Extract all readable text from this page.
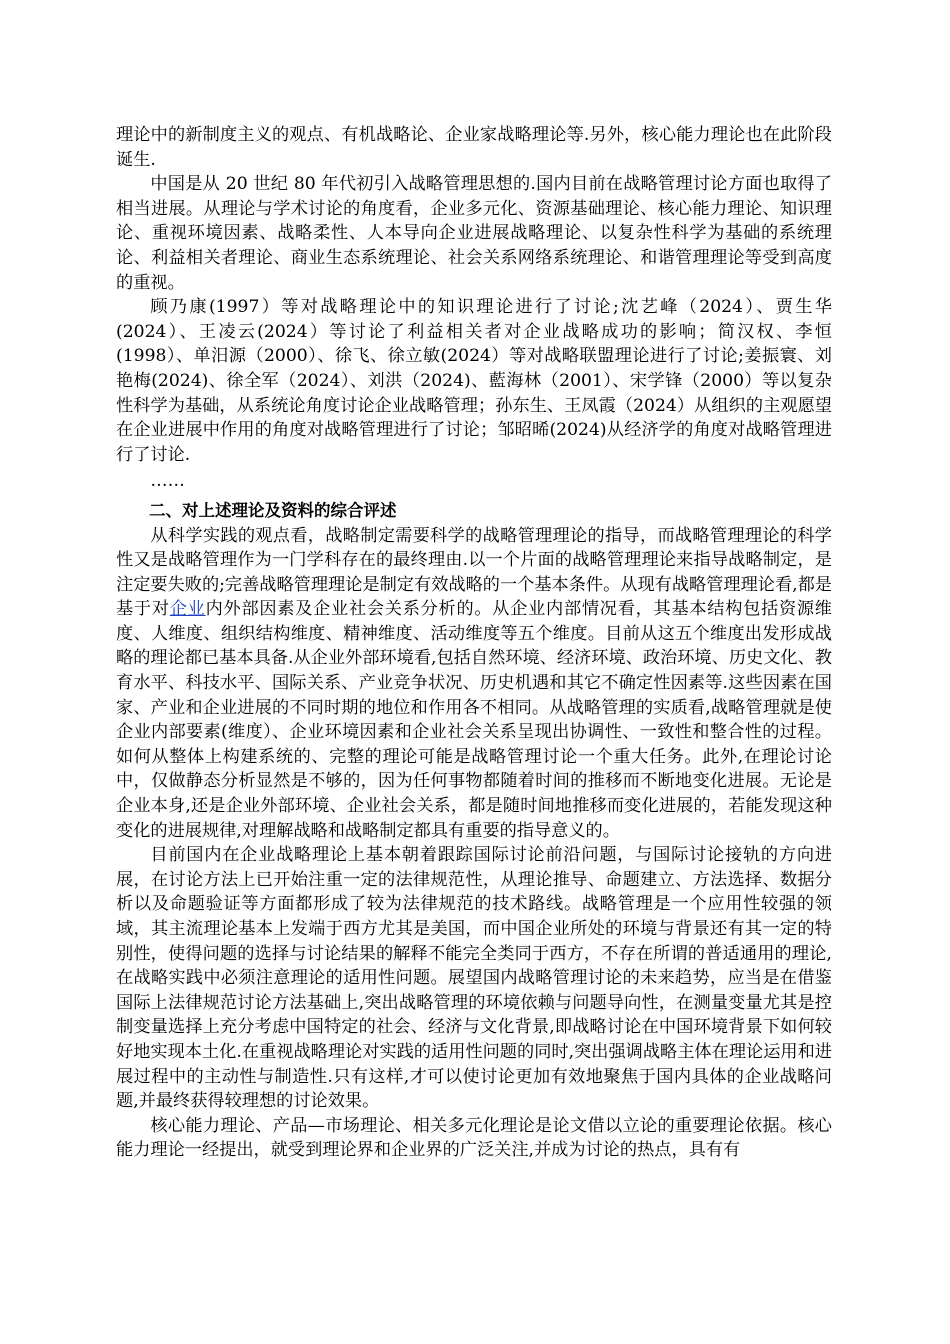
理论中的新制度主义的观点、有机战略论、企业家战略理论等.另外，核心能力理论也在此阶段诞生.

中国是从 20 世纪 80 年代初引入战略管理思想的.国内目前在战略管理讨论方面也取得了相当进展。从理论与学术讨论的角度看，企业多元化、资源基础理论、核心能力理论、知识理论、重视环境因素、战略柔性、人本导向企业进展战略理论、以复杂性科学为基础的系统理论、利益相关者理论、商业生态系统理论、社会关系网络系统理论、和谐管理理论等受到高度的重视。

顾乃康(1997）等对战略理论中的知识理论进行了讨论;沈艺峰（2024）、贾生华(2024）、王凌云(2024）等讨论了利益相关者对企业战略成功的影响；简汉权、李恒(1998）、单汨源（2000）、徐飞、徐立敏(2024）等对战略联盟理论进行了讨论;姜振寰、刘艳梅(2024)、徐全军（2024）、刘洪（2024)、藍海林（2001）、宋学锋（2000）等以复杂性科学为基础，从系统论角度讨论企业战略管理；孙东生、王凤霞（2024）从组织的主观愿望在企业进展中作用的角度对战略管理进行了讨论；邹昭晞(2024)从经济学的角度对战略管理进行了讨论.

……

二、对上述理论及资料的综合评述

从科学实践的观点看，战略制定需要科学的战略管理理论的指导，而战略管理理论的科学性又是战略管理作为一门学科存在的最终理由.以一个片面的战略管理理论来指导战略制定，是注定要失败的;完善战略管理理论是制定有效战略的一个基本条件。从现有战略管理理论看,都是基于对企业内外部因素及企业社会关系分析的。从企业内部情况看，其基本结构包括资源维度、人维度、组织结构维度、精神维度、活动维度等五个维度。目前从这五个维度出发形成战略的理论都已基本具备.从企业外部环境看,包括自然环境、经济环境、政治环境、历史文化、教育水平、科技水平、国际关系、产业竞争状况、历史机遇和其它不确定性因素等.这些因素在国家、产业和企业进展的不同时期的地位和作用各不相同。从战略管理的实质看,战略管理就是使企业内部要素(维度）、企业环境因素和企业社会关系呈现出协调性、一致性和整合性的过程。如何从整体上构建系统的、完整的理论可能是战略管理讨论一个重大任务。此外,在理论讨论中，仅做静态分析显然是不够的，因为任何事物都随着时间的推移而不断地变化进展。无论是企业本身,还是企业外部环境、企业社会关系，都是随时间地推移而变化进展的，若能发现这种变化的进展规律,对理解战略和战略制定都具有重要的指导意义的。

目前国内在企业战略理论上基本朝着跟踪国际讨论前沿问题，与国际讨论接轨的方向进展，在讨论方法上已开始注重一定的法律规范性，从理论推导、命题建立、方法选择、数据分析以及命题验证等方面都形成了较为法律规范的技术路线。战略管理是一个应用性较强的领域，其主流理论基本上发端于西方尤其是美国，而中国企业所处的环境与背景还有其一定的特别性，使得问题的选择与讨论结果的解释不能完全类同于西方，不存在所谓的普适通用的理论,在战略实践中必须注意理论的适用性问题。展望国内战略管理讨论的未来趋势，应当是在借鉴国际上法律规范讨论方法基础上,突出战略管理的环境依赖与问题导向性，在测量变量尤其是控制变量选择上充分考虑中国特定的社会、经济与文化背景,即战略讨论在中国环境背景下如何较好地实现本土化.在重视战略理论对实践的适用性问题的同时,突出强调战略主体在理论运用和进展过程中的主动性与制造性.只有这样,才可以使讨论更加有效地聚焦于国内具体的企业战略问题,并最终获得较理想的讨论效果。

核心能力理论、产品—市场理论、相关多元化理论是论文借以立论的重要理论依据。核心能力理论一经提出，就受到理论界和企业界的广泛关注,并成为讨论的热点，具有有
